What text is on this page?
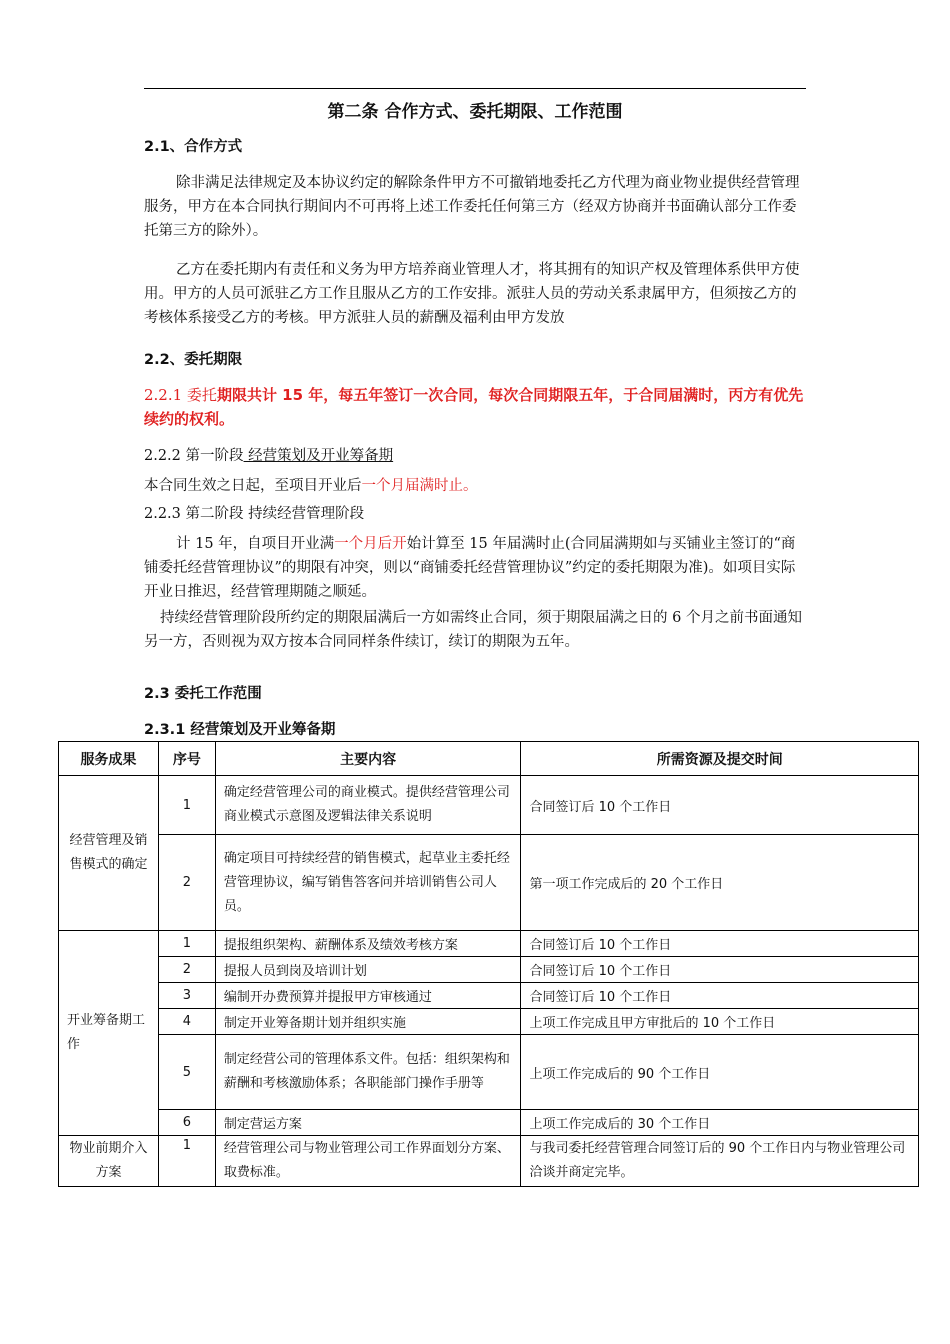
第二条 合作方式、委托期限、工作范围
2.1、合作方式
除非满足法律规定及本协议约定的解除条件甲方不可撤销地委托乙方代理为商业物业提供经营管理服务，甲方在本合同执行期间内不可再将上述工作委托任何第三方（经双方协商并书面确认部分工作委托第三方的除外）。
乙方在委托期内有责任和义务为甲方培养商业管理人才，将其拥有的知识产权及管理体系供甲方使用。甲方的人员可派驻乙方工作且服从乙方的工作安排。派驻人员的劳动关系隶属甲方，但须按乙方的考核体系接受乙方的考核。甲方派驻人员的薪酬及福利由甲方发放
2.2、委托期限
2.2.1 委托期限共计 15 年，每五年签订一次合同，每次合同期限五年，于合同届满时，丙方有优先续约的权利。
2.2.2 第一阶段 经营策划及开业筹备期
本合同生效之日起，至项目开业后一个月届满时止。
2.2.3 第二阶段 持续经营管理阶段
计 15 年，自项目开业满一个月后开始计算至 15 年届满时止(合同届满期如与买铺业主签订的“商铺委托经营管理协议”的期限有冲突，则以“商铺委托经营管理协议”约定的委托期限为准)。如项目实际开业日推迟，经营管理期随之顺延。
持续经营管理阶段所约定的期限届满后一方如需终止合同，须于期限届满之日的 6 个月之前书面通知另一方，否则视为双方按本合同同样条件续订，续订的期限为五年。
2.3 委托工作范围
2.3.1 经营策划及开业筹备期
服务成果	序号	主要内容	所需资源及提交时间
经营管理及销售模式的确定	1	确定经营管理公司的商业模式。提供经营管理公司商业模式示意图及逻辑法律关系说明	合同签订后 10 个工作日
	2	确定项目可持续经营的销售模式，起草业主委托经营管理协议，编写销售答客问并培训销售公司人员。	第一项工作完成后的 20 个工作日
开业筹备期工作	1	提报组织架构、薪酬体系及绩效考核方案	合同签订后 10 个工作日
	2	提报人员到岗及培训计划	合同签订后 10 个工作日
	3	编制开办费预算并提报甲方审核通过	合同签订后 10 个工作日
	4	制定开业筹备期计划并组织实施	上项工作完成且甲方审批后的 10 个工作日
	5	制定经营公司的管理体系文件。包括：组织架构和薪酬和考核激励体系；各职能部门操作手册等	上项工作完成后的 90 个工作日
	6	制定营运方案	上项工作完成后的 30 个工作日
物业前期介入方案	1	经营管理公司与物业管理公司工作界面划分方案、取费标准。	与我司委托经营管理合同签订后的 90 个工作日内与物业管理公司洽谈并商定完毕。
